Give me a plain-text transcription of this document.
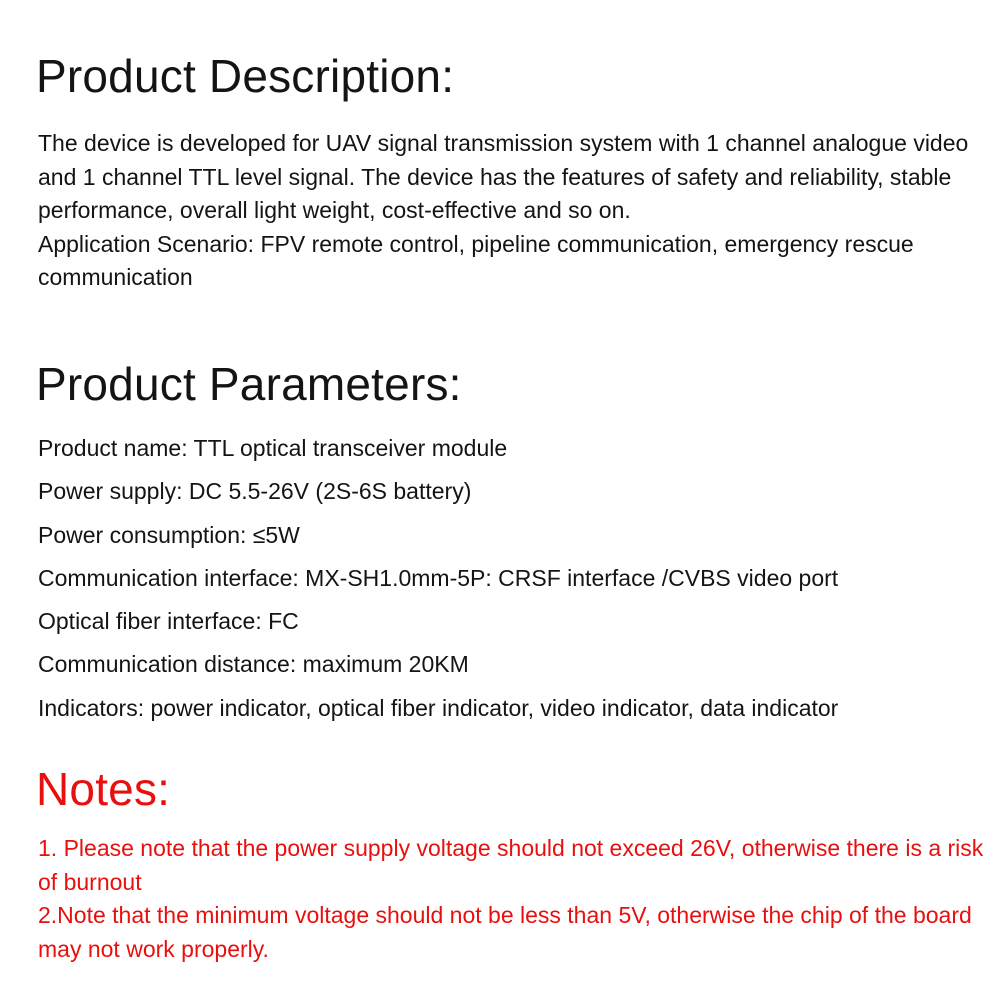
Product Description:
The device is developed for UAV signal transmission system with 1 channel analogue video and 1 channel TTL level signal. The device has the features of safety and reliability, stable performance, overall light weight, cost-effective and so on.
Application Scenario: FPV remote control, pipeline communication, emergency rescue communication
Product Parameters:
Product name: TTL optical transceiver module
Power supply: DC 5.5-26V (2S-6S battery)
Power consumption: ≤5W
Communication interface: MX-SH1.0mm-5P: CRSF interface /CVBS video port
Optical fiber interface: FC
Communication distance: maximum 20KM
Indicators: power indicator, optical fiber indicator, video indicator, data indicator
Notes:
1. Please note that the power supply voltage should not exceed 26V, otherwise there is a risk of burnout
2.Note that the minimum voltage should not be less than 5V, otherwise the chip of the board may not work properly.
